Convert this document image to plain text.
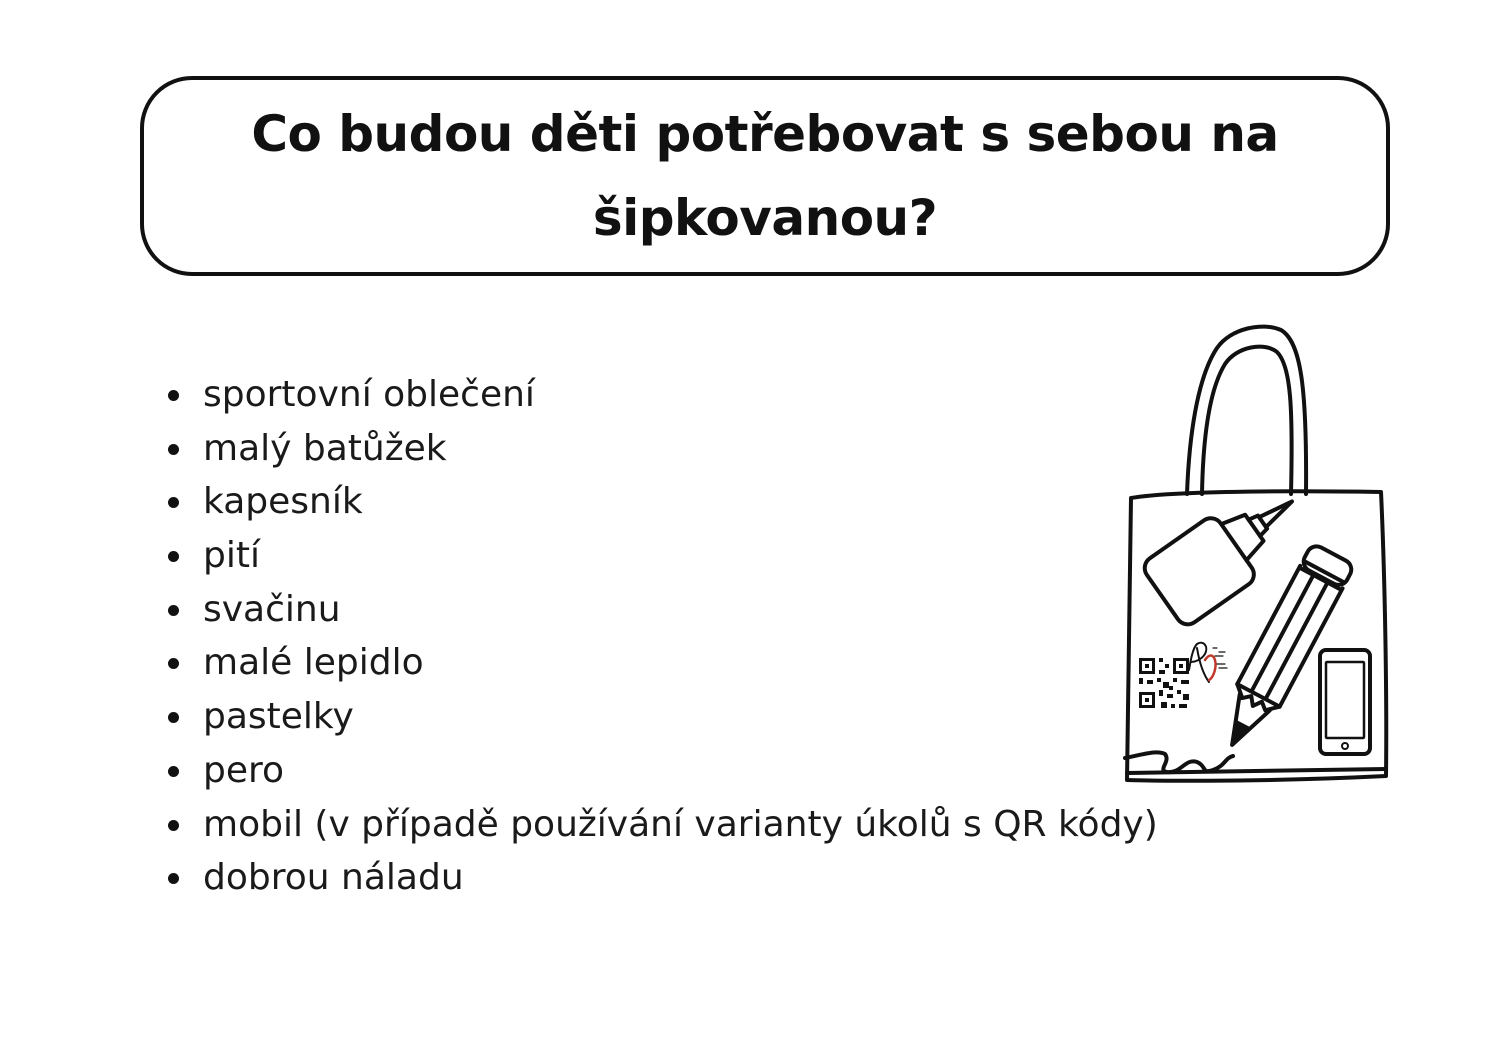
Co budou děti potřebovat s sebou na šipkovanou?
sportovní oblečení
malý batůžek
kapesník
pití
svačinu
malé lepidlo
pastelky
pero
mobil (v případě používání varianty úkolů s QR kódy)
dobrou náladu
